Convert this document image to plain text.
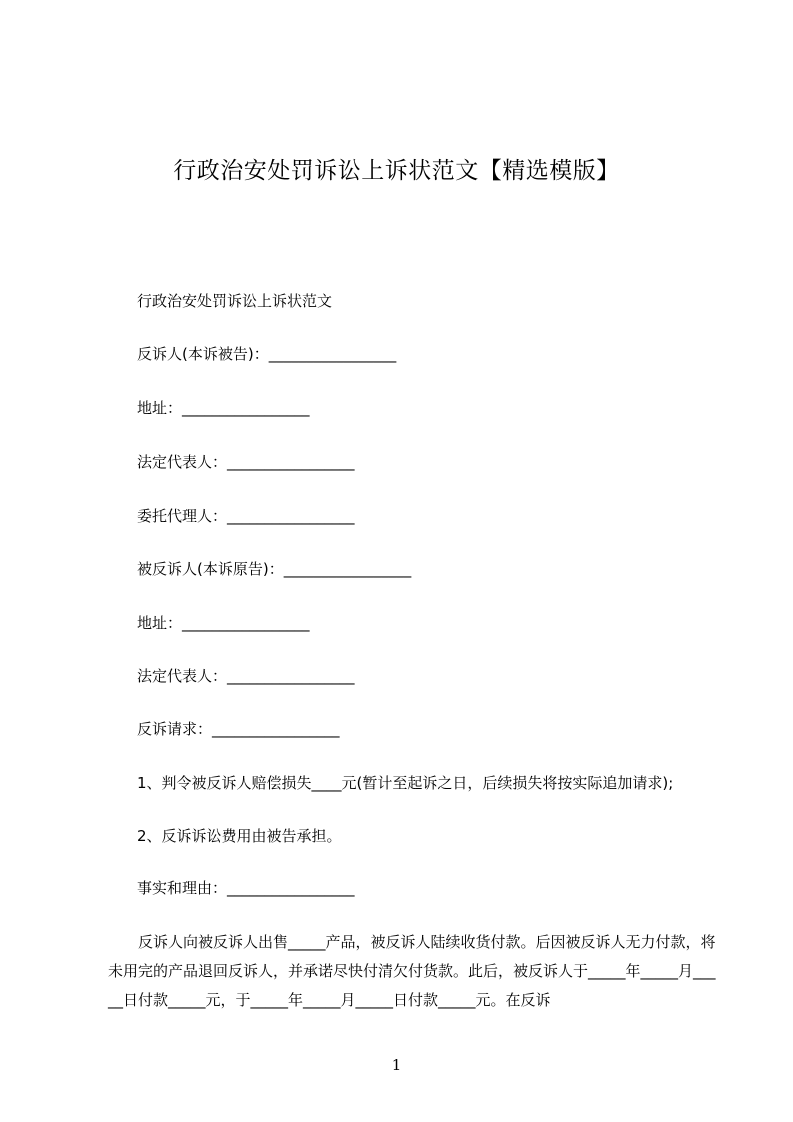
行政治安处罚诉讼上诉状范文【精选模版】
行政治安处罚诉讼上诉状范文
反诉人(本诉被告)：_________________
地址：_________________
法定代表人：_________________
委托代理人：_________________
被反诉人(本诉原告)：_________________
地址：_________________
法定代表人：_________________
反诉请求：_________________
1、判令被反诉人赔偿损失____元(暂计至起诉之日，后续损失将按实际追加请求);
2、反诉诉讼费用由被告承担。
事实和理由：_________________

反诉人向被反诉人出售_____产品，被反诉人陆续收货付款。后因被反诉人无力付款，将未用完的产品退回反诉人，并承诺尽快付清欠付货款。此后，被反诉人于_____年_____月_____日付款_____元，于_____年_____月_____日付款_____元。在反诉

1
